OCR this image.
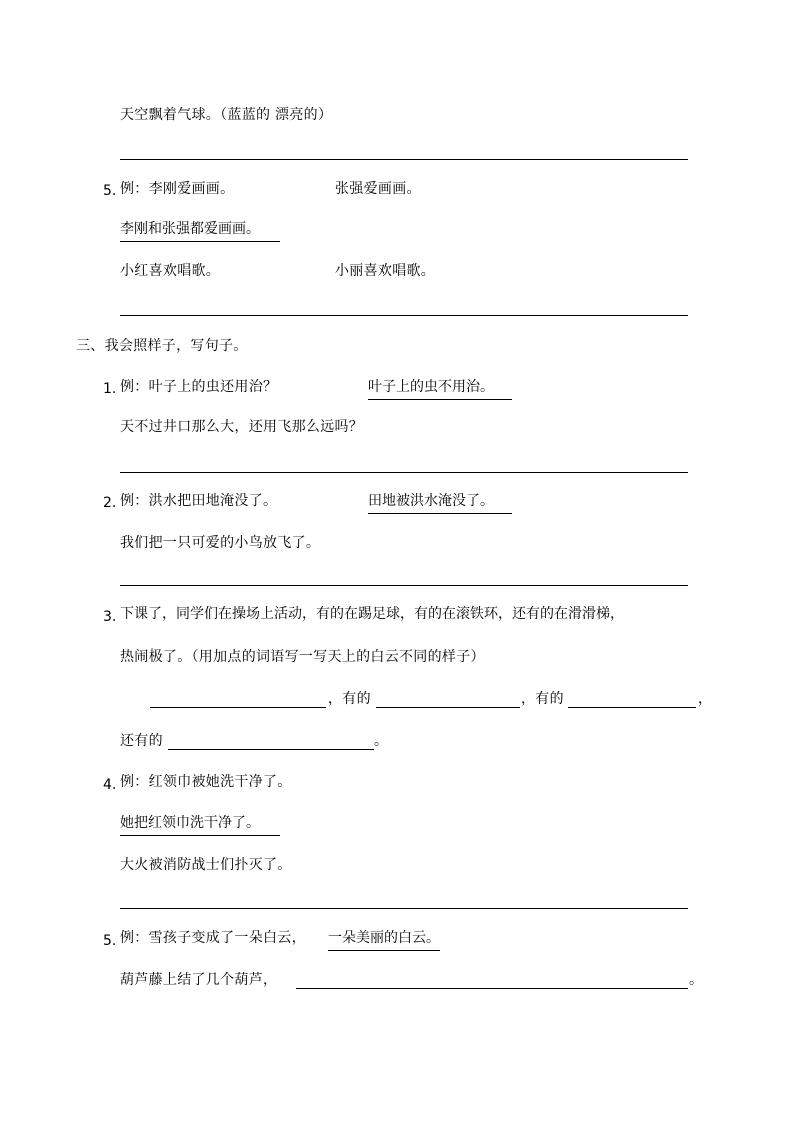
天空飘着气球。（蓝蓝的 漂亮的）
5. 例：李刚爱画画。	张强爱画画。
李刚和张强都爱画画。
小红喜欢唱歌。	小丽喜欢唱歌。
三、我会照样子，写句子。
1. 例：叶子上的虫还用治？	叶子上的虫不用治。
天不过井口那么大，还用飞那么远吗？
2. 例：洪水把田地淹没了。	田地被洪水淹没了。
我们把一只可爱的小鸟放飞了。
3. 下课了，同学们在操场上活动，有的在踢足球，有的在滚铁环，还有的在滑滑梯，
热闹极了。（用加点的词语写一写天上的白云不同的样子）
，有的	，有的	，
还有的	。
4. 例：红领巾被她洗干净了。
她把红领巾洗干净了。
大火被消防战士们扑灭了。
5. 例：雪孩子变成了一朵白云， 一朵美丽的白云。
葫芦藤上结了几个葫芦，	。
